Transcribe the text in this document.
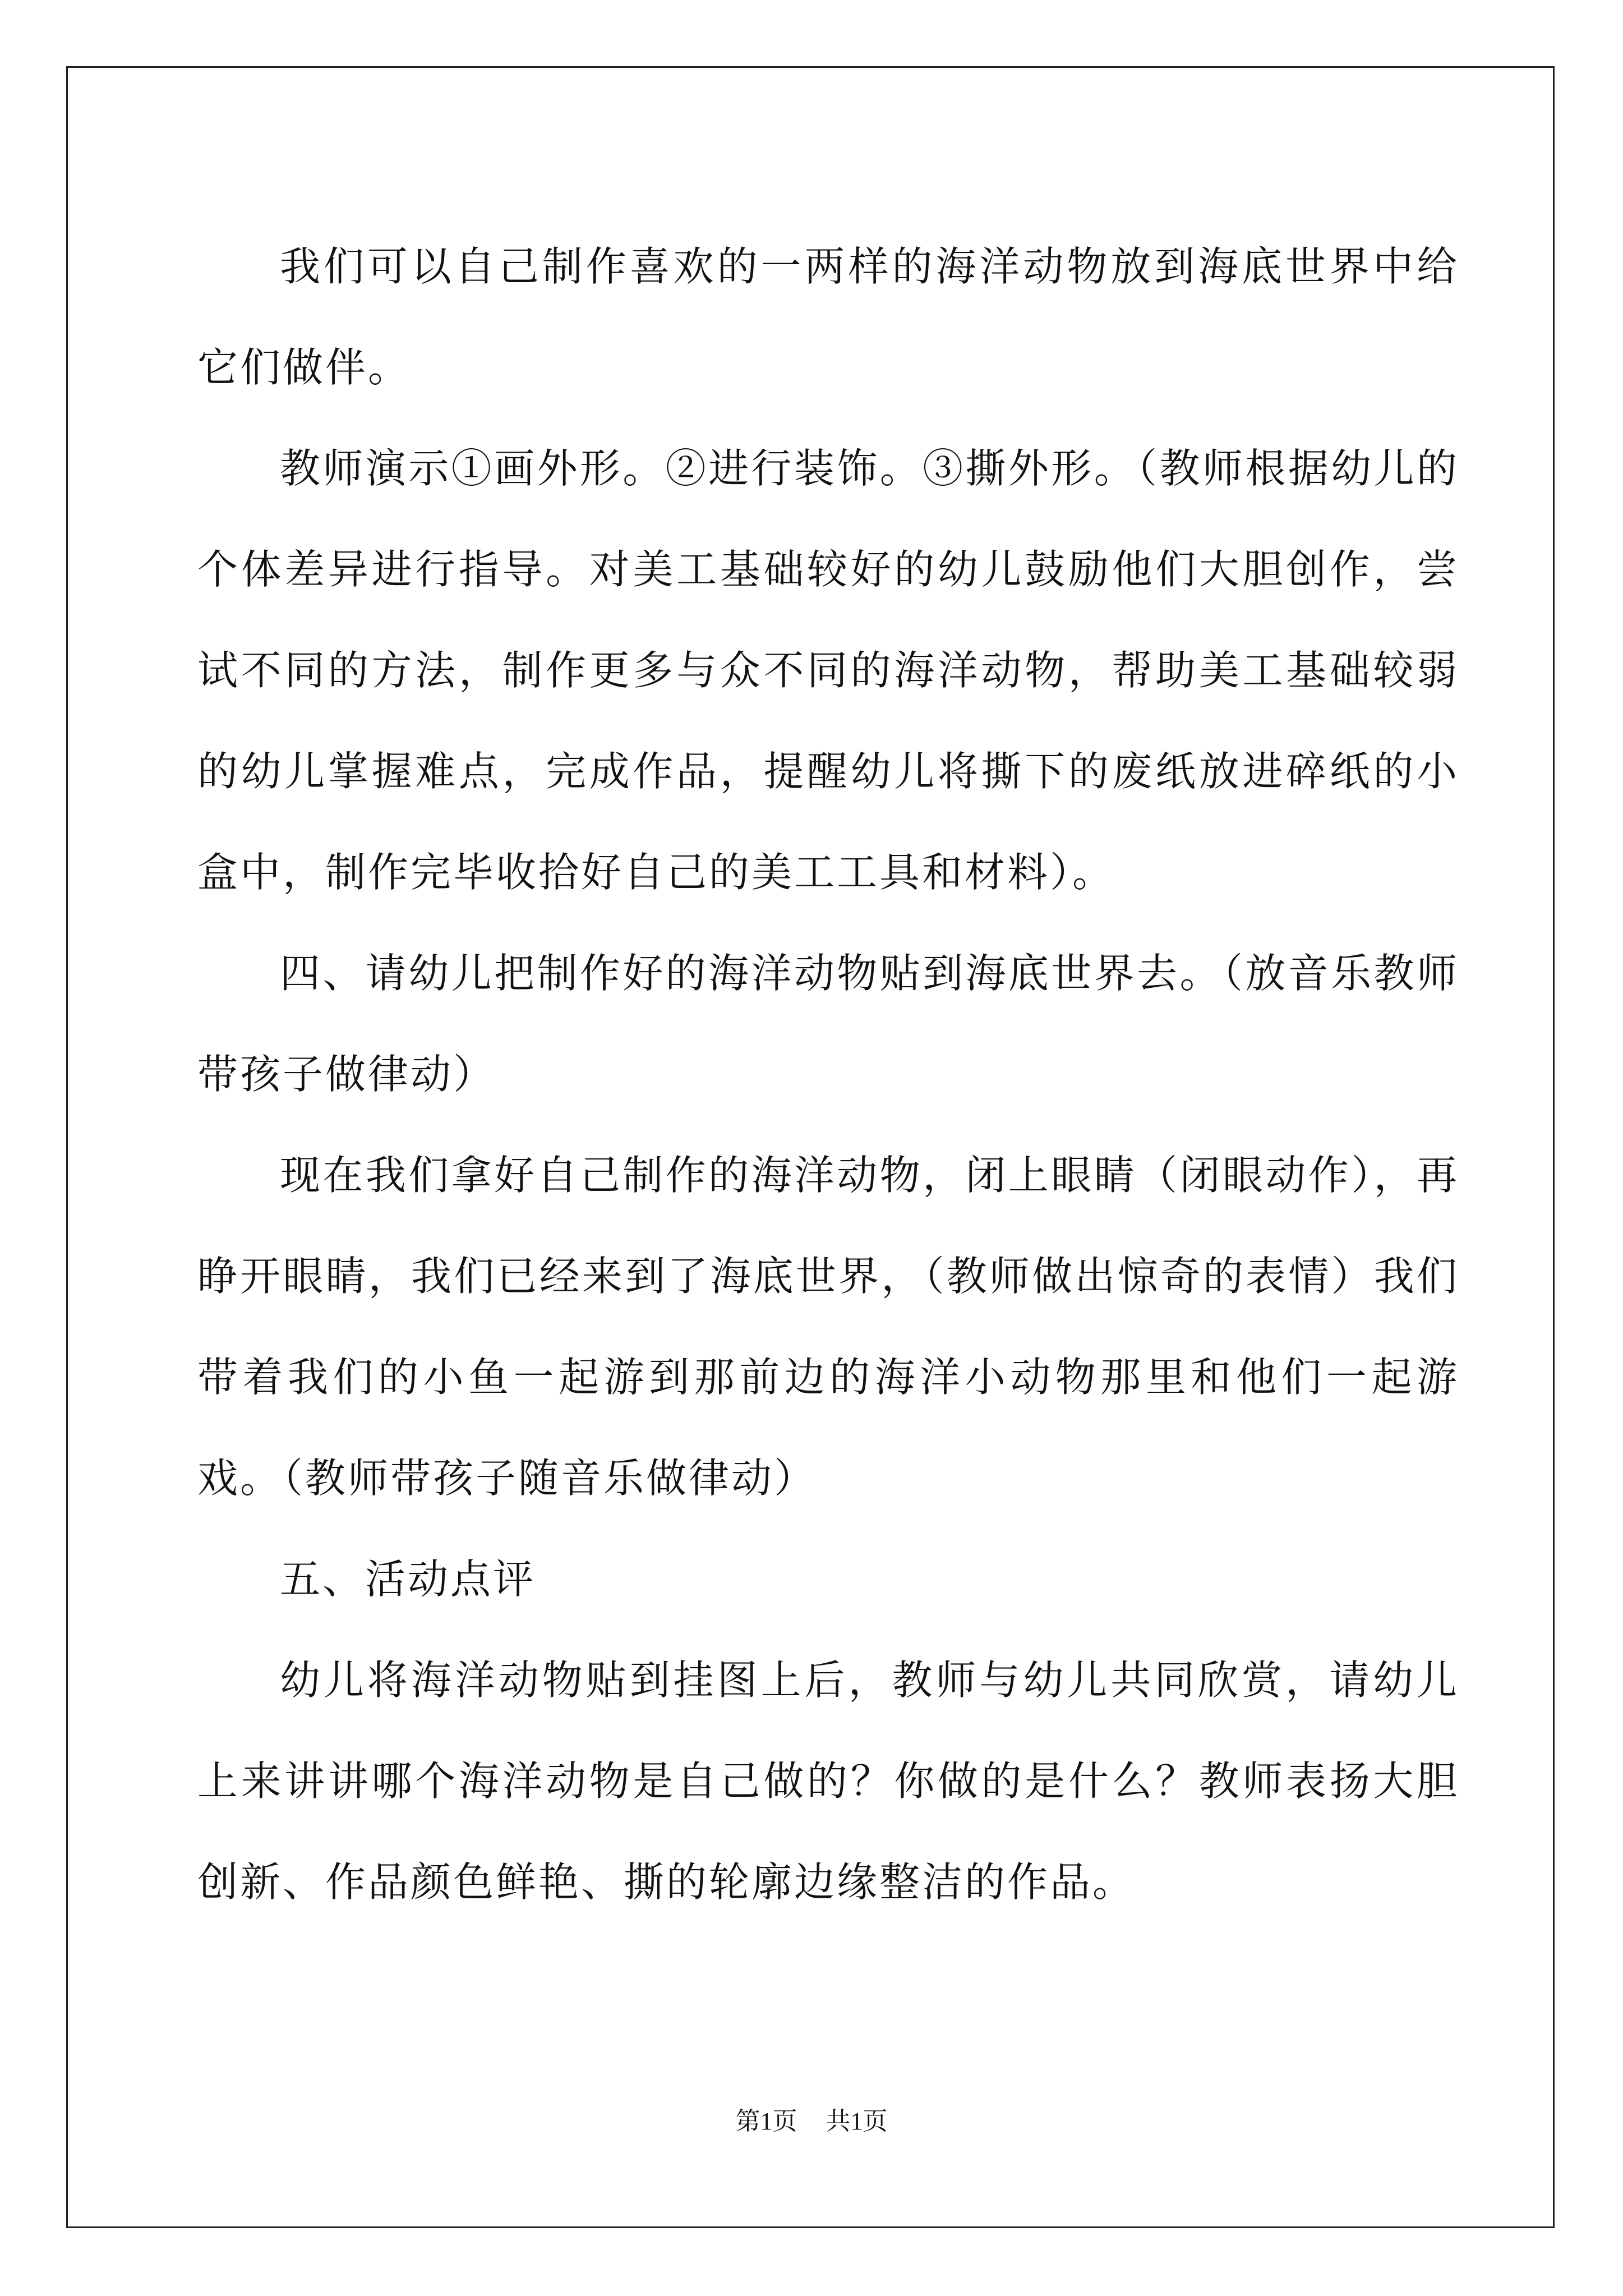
我们可以自己制作喜欢的一两样的海洋动物放到海底世界中给它们做伴。

教师演示①画外形。②进行装饰。③撕外形。（教师根据幼儿的个体差异进行指导。对美工基础较好的幼儿鼓励他们大胆创作，尝试不同的方法，制作更多与众不同的海洋动物，帮助美工基础较弱的幼儿掌握难点，完成作品，提醒幼儿将撕下的废纸放进碎纸的小盒中，制作完毕收拾好自己的美工工具和材料）。

四、请幼儿把制作好的海洋动物贴到海底世界去。（放音乐教师带孩子做律动）

现在我们拿好自己制作的海洋动物，闭上眼睛（闭眼动作），再睁开眼睛，我们已经来到了海底世界，（教师做出惊奇的表情）我们带着我们的小鱼一起游到那前边的海洋小动物那里和他们一起游戏。（教师带孩子随音乐做律动）

五、活动点评

幼儿将海洋动物贴到挂图上后，教师与幼儿共同欣赏，请幼儿上来讲讲哪个海洋动物是自己做的？你做的是什么？教师表扬大胆创新、作品颜色鲜艳、撕的轮廓边缘整洁的作品。

第1页 共1页
